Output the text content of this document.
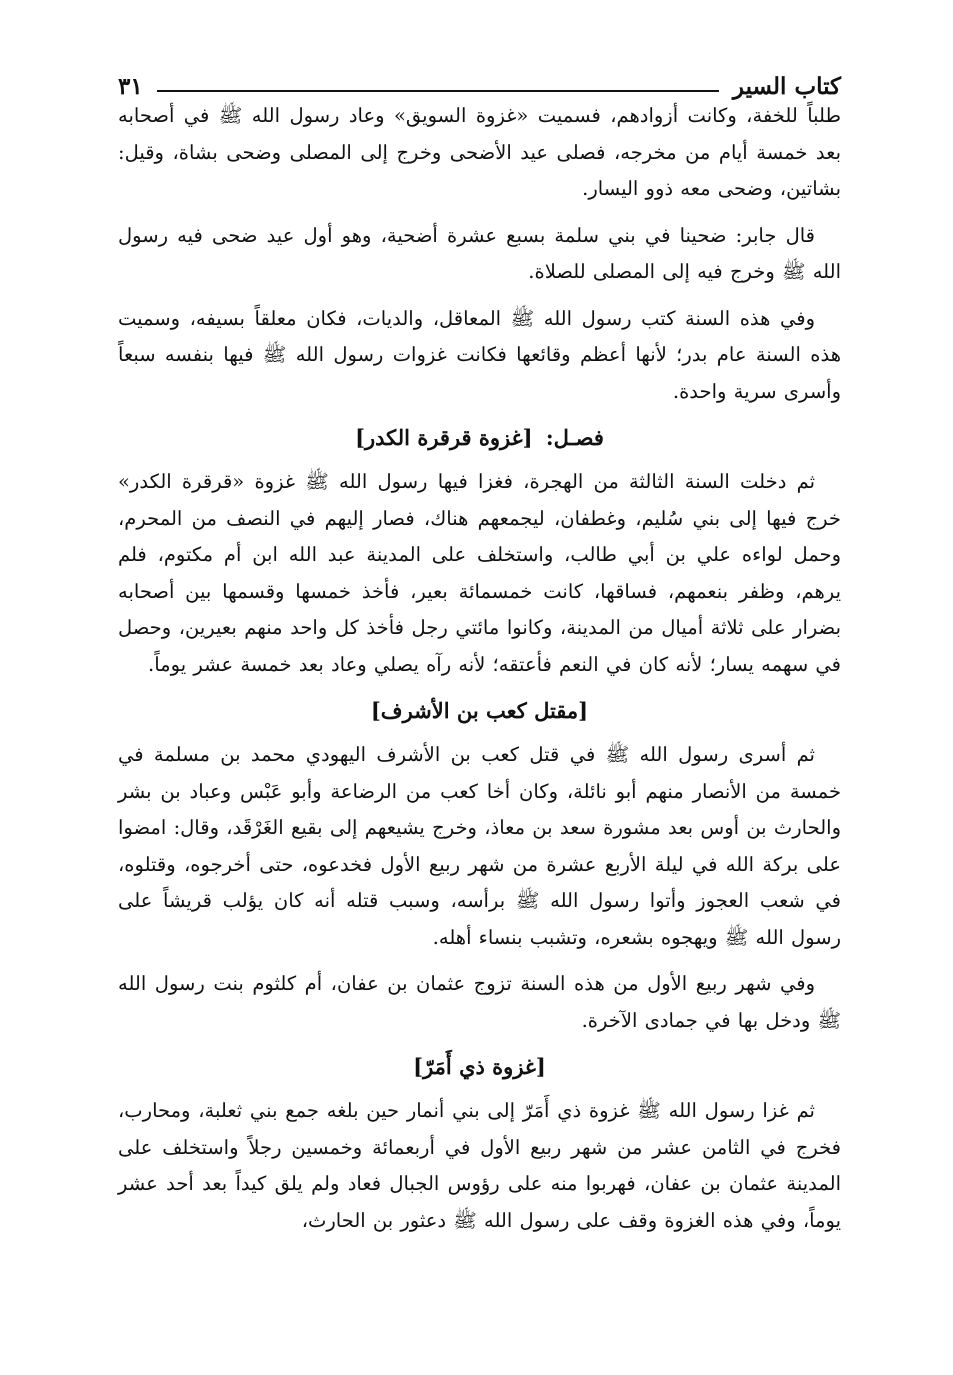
كتاب السير
٣١

طلباً للخفة، وكانت أزوادهم، فسميت «غزوة السويق» وعاد رسول الله ﷺ في أصحابه بعد خمسة أيام من مخرجه، فصلى عيد الأضحى وخرج إلى المصلى وضحى بشاة، وقيل: بشاتين، وضحى معه ذوو اليسار.

قال جابر: ضحينا في بني سلمة بسبع عشرة أضحية، وهو أول عيد ضحى فيه رسول الله ﷺ وخرج فيه إلى المصلى للصلاة.

وفي هذه السنة كتب رسول الله ﷺ المعاقل، والديات، فكان معلقاً بسيفه، وسميت هذه السنة عام بدر؛ لأنها أعظم وقائعها فكانت غزوات رسول الله ﷺ فيها بنفسه سبعاً وأسرى سرية واحدة.

فصـل: [غزوة قرقرة الكدر]

ثم دخلت السنة الثالثة من الهجرة، فغزا فيها رسول الله ﷺ غزوة «قرقرة الكدر» خرج فيها إلى بني سُليم، وغطفان، ليجمعهم هناك، فصار إليهم في النصف من المحرم، وحمل لواءه علي بن أبي طالب، واستخلف على المدينة عبد الله ابن أم مكتوم، فلم يرهم، وظفر بنعمهم، فساقها، كانت خمسمائة بعير، فأخذ خمسها وقسمها بين أصحابه بضرار على ثلاثة أميال من المدينة، وكانوا مائتي رجل فأخذ كل واحد منهم بعيرين، وحصل في سهمه يسار؛ لأنه كان في النعم فأعتقه؛ لأنه رآه يصلي وعاد بعد خمسة عشر يوماً.

[مقتل كعب بن الأشرف]

ثم أسرى رسول الله ﷺ في قتل كعب بن الأشرف اليهودي محمد بن مسلمة في خمسة من الأنصار منهم أبو نائلة، وكان أخا كعب من الرضاعة وأبو عَبْس وعباد بن بشر والحارث بن أوس بعد مشورة سعد بن معاذ، وخرج يشيعهم إلى بقيع الغَرْقَد، وقال: امضوا على بركة الله في ليلة الأربع عشرة من شهر ربيع الأول فخدعوه، حتى أخرجوه، وقتلوه، في شعب العجوز وأتوا رسول الله ﷺ برأسه، وسبب قتله أنه كان يؤلب قريشاً على رسول الله ﷺ ويهجوه بشعره، وتشبب بنساء أهله.

وفي شهر ربيع الأول من هذه السنة تزوج عثمان بن عفان، أم كلثوم بنت رسول الله ﷺ ودخل بها في جمادى الآخرة.

[غزوة ذي أَمَرّ]

ثم غزا رسول الله ﷺ غزوة ذي أَمَرّ إلى بني أنمار حين بلغه جمع بني ثعلبة، ومحارب، فخرج في الثامن عشر من شهر ربيع الأول في أربعمائة وخمسين رجلاً واستخلف على المدينة عثمان بن عفان، فهربوا منه على رؤوس الجبال فعاد ولم يلق كيداً بعد أحد عشر يوماً، وفي هذه الغزوة وقف على رسول الله ﷺ دعثور بن الحارث،
